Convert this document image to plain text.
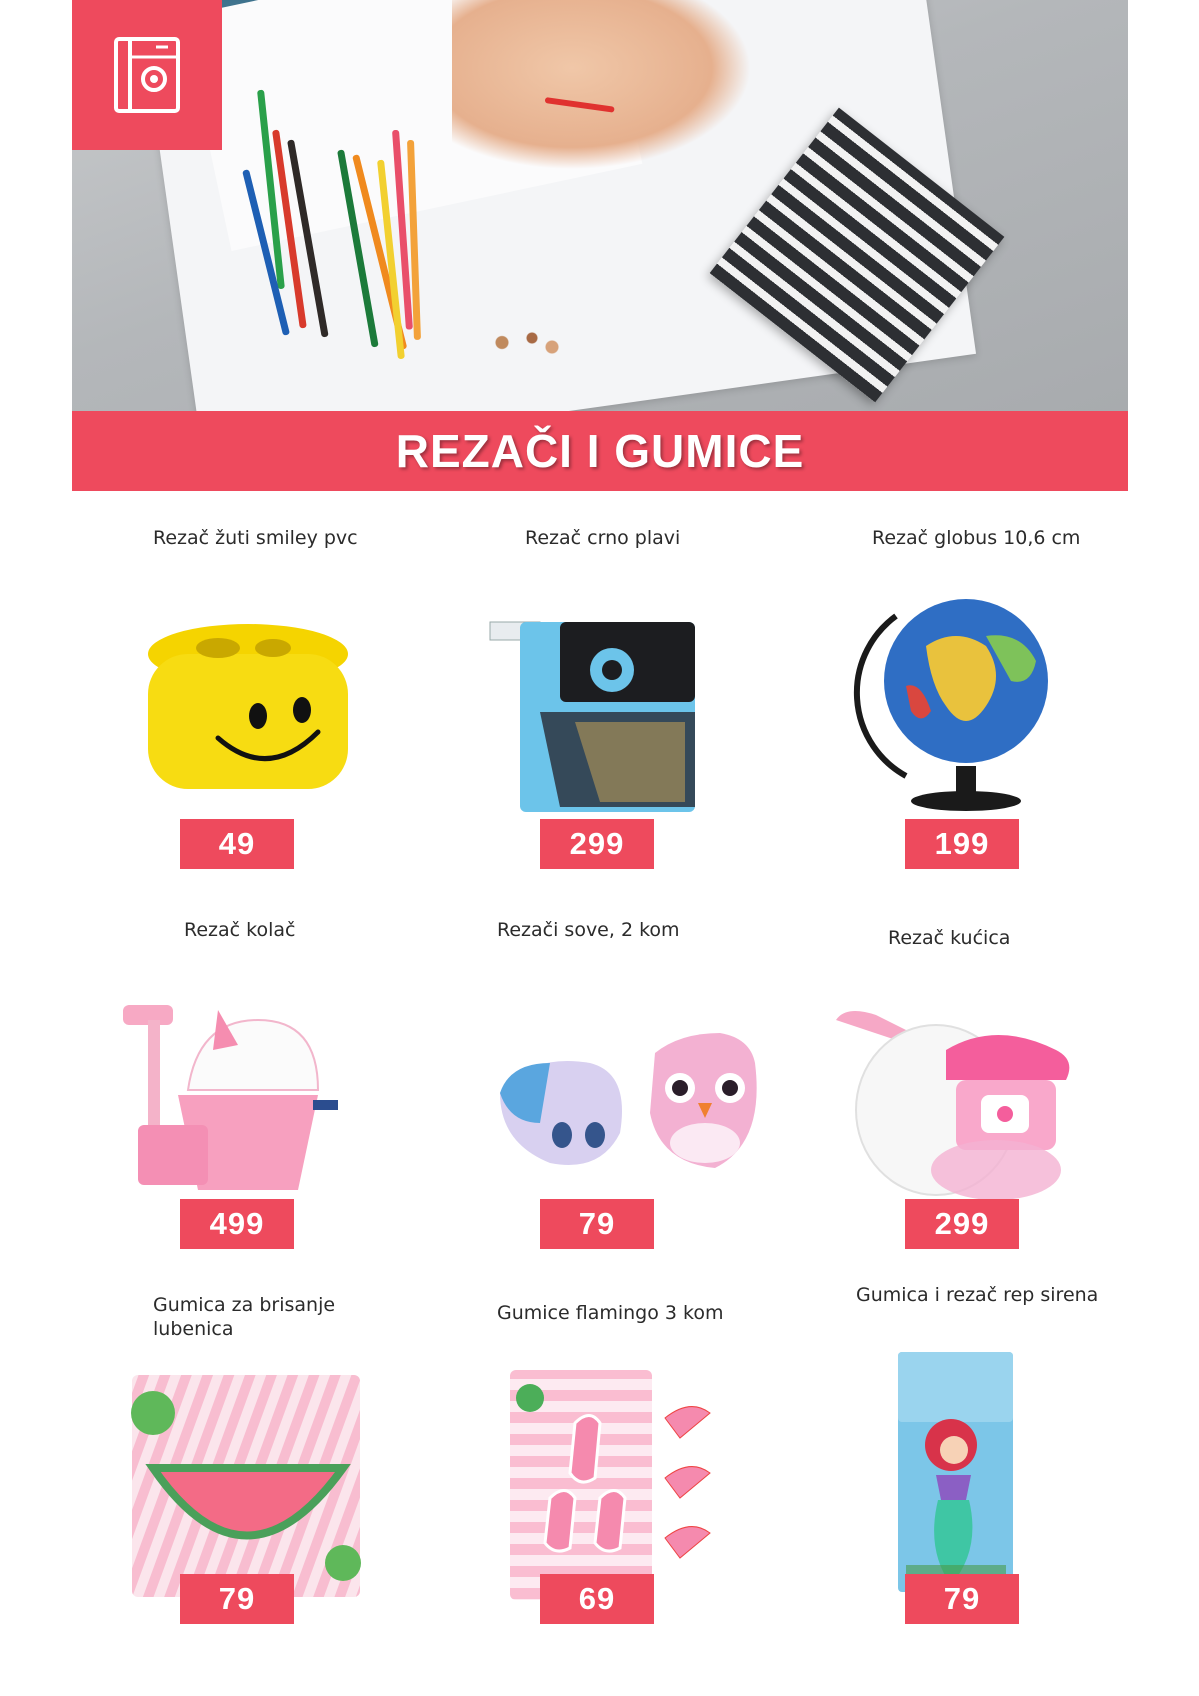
REZAČI I GUMICE
Rezač žuti smiley pvc
49
Rezač crno plavi
299
Rezač globus 10,6 cm
199
Rezač kolač
499
Rezači sove, 2 kom
79
Rezač kućica
299
Gumica za brisanje
lubenica
79
Gumice flamingo 3 kom
69
Gumica i rezač rep sirena
79
